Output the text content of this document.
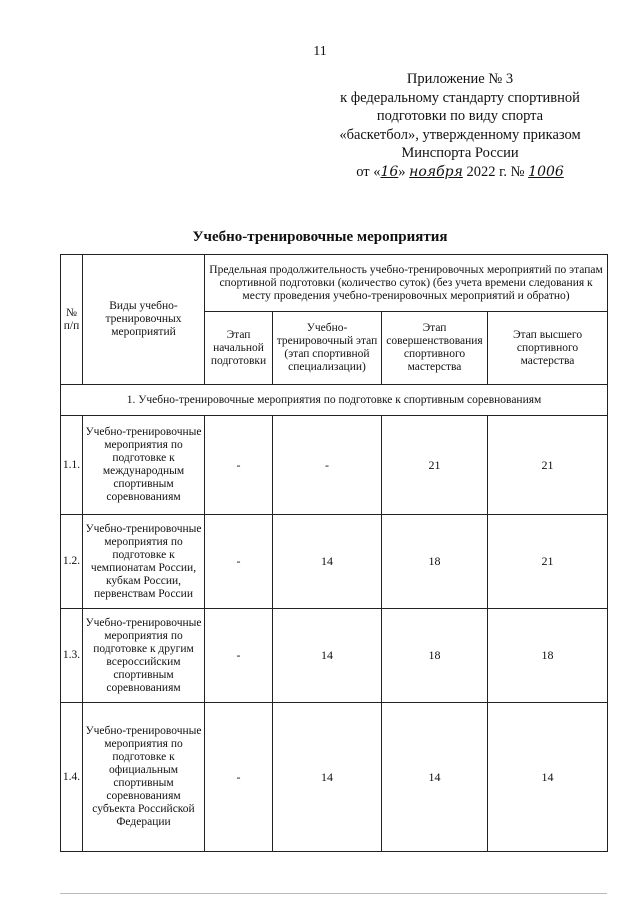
11
Приложение № 3
к федеральному стандарту спортивной
подготовки по виду спорта
«баскетбол», утвержденному приказом
Минспорта России
от «16» ноября 2022 г. № 1006
Учебно-тренировочные мероприятия
№ п/п	Виды учебно-тренировочных мероприятий	Предельная продолжительность учебно-тренировочных мероприятий по этапам спортивной подготовки (количество суток) (без учета времени следования к месту проведения учебно-тренировочных мероприятий и обратно)			
		Этап начальной подготовки	Учебно-тренировочный этап (этап спортивной специализации)	Этап совершенствования спортивного мастерства	Этап высшего спортивного мастерства
1. Учебно-тренировочные мероприятия по подготовке к спортивным соревнованиям					
1.1.	Учебно-тренировочные мероприятия по подготовке к международным спортивным соревнованиям	-	-	21	21
1.2.	Учебно-тренировочные мероприятия по подготовке к чемпионатам России, кубкам России, первенствам России	-	14	18	21
1.3.	Учебно-тренировочные мероприятия по подготовке к другим всероссийским спортивным соревнованиям	-	14	18	18
1.4.	Учебно-тренировочные мероприятия по подготовке к официальным спортивным соревнованиям субъекта Российской Федерации	-	14	14	14
